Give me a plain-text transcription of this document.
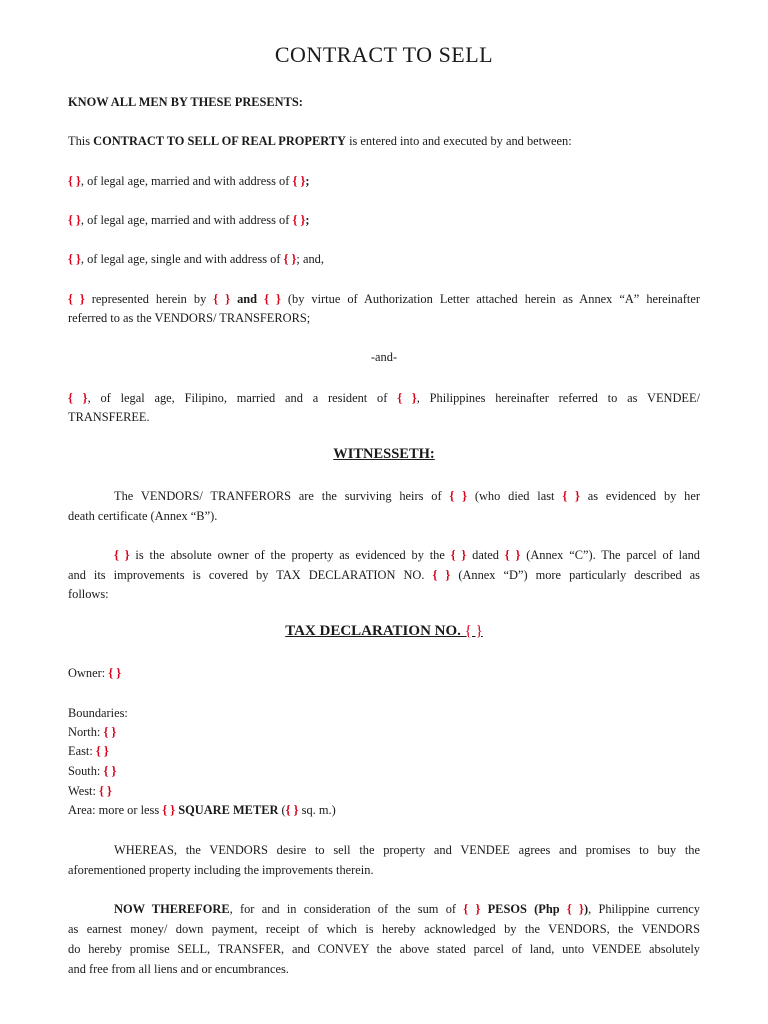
CONTRACT TO SELL
KNOW ALL MEN BY THESE PRESENTS:
This CONTRACT TO SELL OF REAL PROPERTY is entered into and executed by and between:
{ }, of legal age, married and with address of { };
{ }, of legal age, married and with address of { };
{ }, of legal age, single and with address of { }; and,
{ } represented herein by { } and { } (by virtue of Authorization Letter attached herein as Annex “A” hereinafter
referred to as the VENDORS/ TRANSFERORS;
-and-
{ }, of legal age, Filipino, married and a resident of { }, Philippines hereinafter referred to as VENDEE/
TRANSFEREE.
WITNESSETH:
The VENDORS/ TRANFERORS are the surviving heirs of { } (who died last { } as evidenced by her
death certificate (Annex “B”).
{ } is the absolute owner of the property as evidenced by the { } dated { } (Annex “C”). The parcel of land
and its improvements is covered by TAX DECLARATION NO. { } (Annex “D”) more particularly described as
follows:
TAX DECLARATION NO. { }
Owner: { }
Boundaries:
North: { }
East: { }
South: { }
West: { }
Area: more or less { } SQUARE METER ({ } sq. m.)
WHEREAS, the VENDORS desire to sell the property and VENDEE agrees and promises to buy the
aforementioned property including the improvements therein.
NOW THEREFORE, for and in consideration of the sum of { } PESOS (Php { }), Philippine currency
as earnest money/ down payment, receipt of which is hereby acknowledged by the VENDORS, the VENDORS
do hereby promise SELL, TRANSFER, and CONVEY the above stated parcel of land, unto VENDEE absolutely
and free from all liens and or encumbrances.
